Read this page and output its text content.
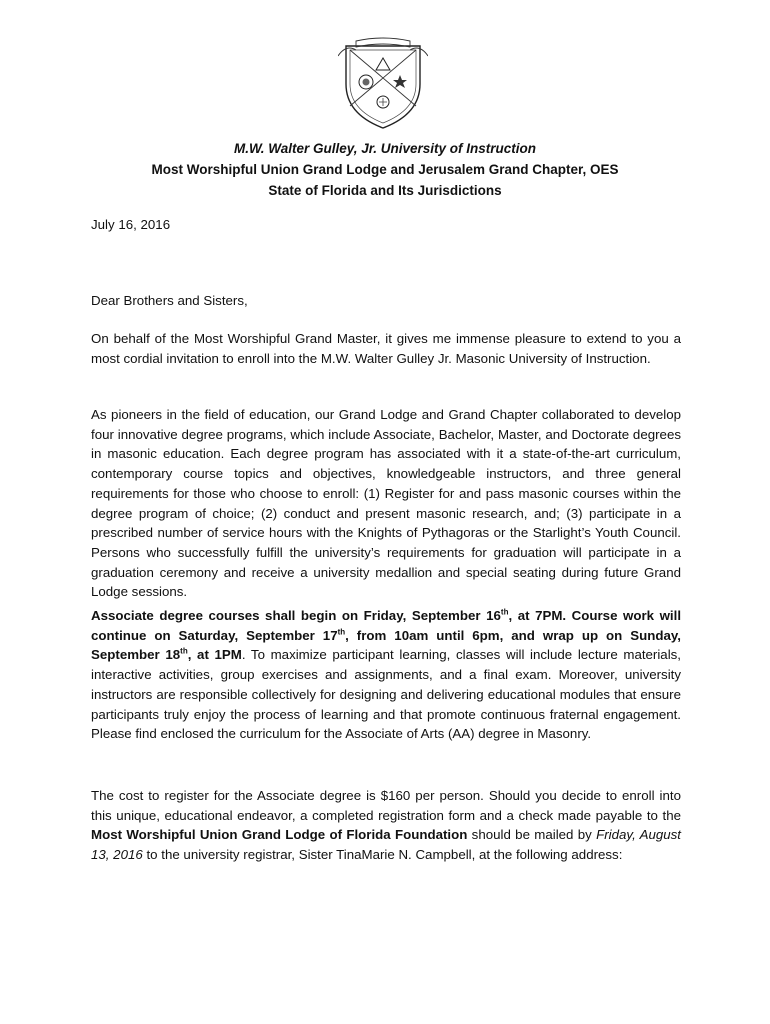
M.W. Walter Gulley, Jr. University of Instruction
Most Worshipful Union Grand Lodge and Jerusalem Grand Chapter, OES
State of Florida and Its Jurisdictions
July 16, 2016
Dear Brothers and Sisters,

On behalf of the Most Worshipful Grand Master, it gives me immense pleasure to extend to you a most cordial invitation to enroll into the M.W. Walter Gulley Jr. Masonic University of Instruction.

As pioneers in the field of education, our Grand Lodge and Grand Chapter collaborated to develop four innovative degree programs, which include Associate, Bachelor, Master, and Doctorate degrees in masonic education. Each degree program has associated with it a state-of-the-art curriculum, contemporary course topics and objectives, knowledgeable instructors, and three general requirements for those who choose to enroll: (1) Register for and pass masonic courses within the degree program of choice; (2) conduct and present masonic research, and; (3) participate in a prescribed number of service hours with the Knights of Pythagoras or the Starlight’s Youth Council. Persons who successfully fulfill the university’s requirements for graduation will participate in a graduation ceremony and receive a university medallion and special seating during future Grand Lodge sessions.

Associate degree courses shall begin on Friday, September 16th, at 7PM. Course work will continue on Saturday, September 17th, from 10am until 6pm, and wrap up on Sunday, September 18th, at 1PM. To maximize participant learning, classes will include lecture materials, interactive activities, group exercises and assignments, and a final exam. Moreover, university instructors are responsible collectively for designing and delivering educational modules that ensure participants truly enjoy the process of learning and that promote continuous fraternal engagement. Please find enclosed the curriculum for the Associate of Arts (AA) degree in Masonry.

The cost to register for the Associate degree is $160 per person. Should you decide to enroll into this unique, educational endeavor, a completed registration form and a check made payable to the Most Worshipful Union Grand Lodge of Florida Foundation should be mailed by Friday, August 13, 2016 to the university registrar, Sister TinaMarie N. Campbell, at the following address:
